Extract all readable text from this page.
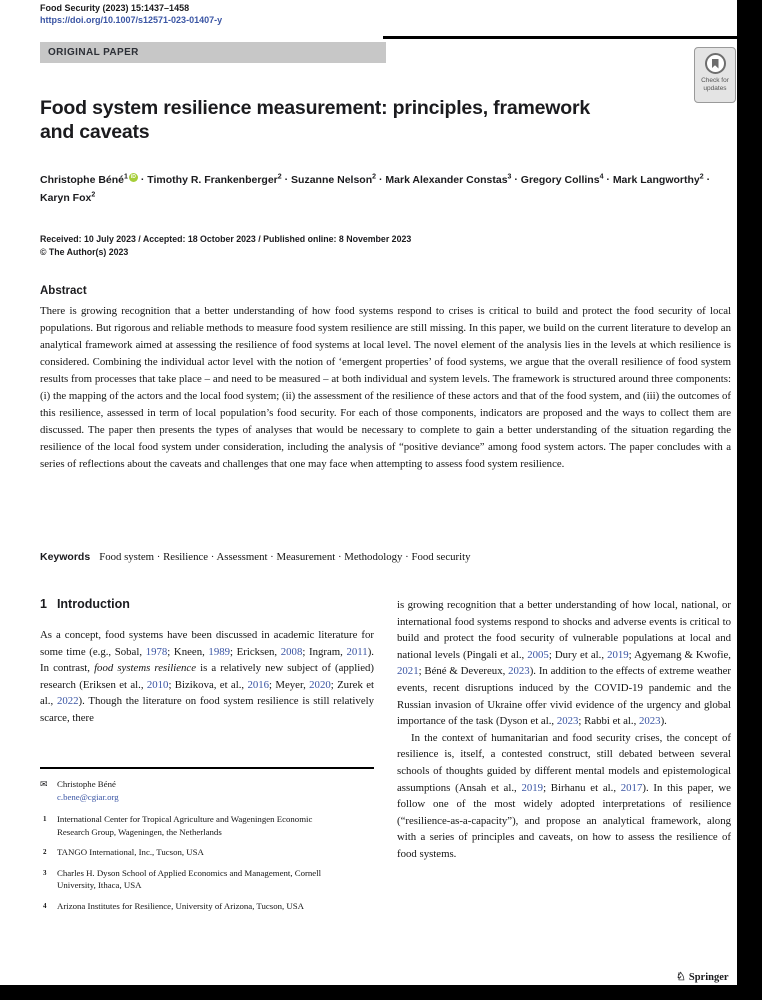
Food Security (2023) 15:1437–1458
https://doi.org/10.1007/s12571-023-01407-y
ORIGINAL PAPER
Check for
updates
Food system resilience measurement: principles, framework
and caveats
Christophe Béné$^1$ iD · Timothy R. Frankenberger$^2$ · Suzanne Nelson$^2$ · Mark Alexander Constas$^3$ · Gregory Collins$^4$ · Mark Langworthy$^2$ · Karyn Fox$^2$
Received: 10 July 2023 / Accepted: 18 October 2023 / Published online: 8 November 2023
© The Author(s) 2023
Abstract

There is growing recognition that a better understanding of how food systems respond to crises is critical to build and protect the food security of local populations. But rigorous and reliable methods to measure food system resilience are still missing. In this paper, we build on the current literature to develop an analytical framework aimed at assessing the resilience of food systems at local level. The novel element of the analysis lies in the levels at which resilience is considered. Combining the individual actor level with the notion of ‘emergent properties’ of food systems, we argue that the overall resilience of food system results from processes that take place – and need to be measured – at both individual and system levels. The framework is structured around three components: (i) the mapping of the actors and the local food system; (ii) the assessment of the resilience of these actors and that of the food system, and (iii) the outcomes of this resilience, assessed in term of local population’s food security. For each of those components, indicators are proposed and the ways to collect them are discussed. The paper then presents the types of analyses that would be necessary to complete to gain a better understanding of the situation regarding the resilience of the local food system under consideration, including the analysis of “positive deviance” among food system actors. The paper concludes with a series of reflections about the caveats and challenges that one may face when attempting to assess food system resilience.

Keywords Food system · Resilience · Assessment · Measurement · Methodology · Food security
1 Introduction

As a concept, food systems have been discussed in academic literature for some time (e.g., Sobal, 1978; Kneen, 1989; Ericksen, 2008; Ingram, 2011). In contrast, food systems resilience is a relatively new subject of (applied) research (Eriksen et al., 2010; Bizikova, et al., 2016; Meyer, 2020; Zurek et al., 2022). Though the literature on food system resilience is still relatively scarce, there

is growing recognition that a better understanding of how local, national, or international food systems respond to shocks and adverse events is critical to build and protect the food security of vulnerable populations at local and national levels (Pingali et al., 2005; Dury et al., 2019; Agyemang & Kwofie, 2021; Béné & Devereux, 2023). In addition to the effects of extreme weather events, recent disruptions induced by the COVID-19 pandemic and the Russian invasion of Ukraine offer vivid evidence of the urgency and global importance of the task (Dyson et al., 2023; Rabbi et al., 2023).

In the context of humanitarian and food security crises, the concept of resilience is, itself, a contested construct, still debated between several schools of thoughts guided by different mental models and epistemological assumptions (Ansah et al., 2019; Birhanu et al., 2017). In this paper, we follow one of the most widely adopted interpretations of resilience (“resilience-as-a-capacity”), and propose an analytical framework, along with a series of principles and caveats, on how to assess the resilience of food systems.

✉ Christophe Béné
c.bene@cgiar.org
1 International Center for Tropical Agriculture and Wageningen Economic Research Group, Wageningen, the Netherlands
2 TANGO International, Inc., Tucson, USA
3 Charles H. Dyson School of Applied Economics and Management, Cornell University, Ithaca, USA
4 Arizona Institutes for Resilience, University of Arizona, Tucson, USA
♘ Springer
